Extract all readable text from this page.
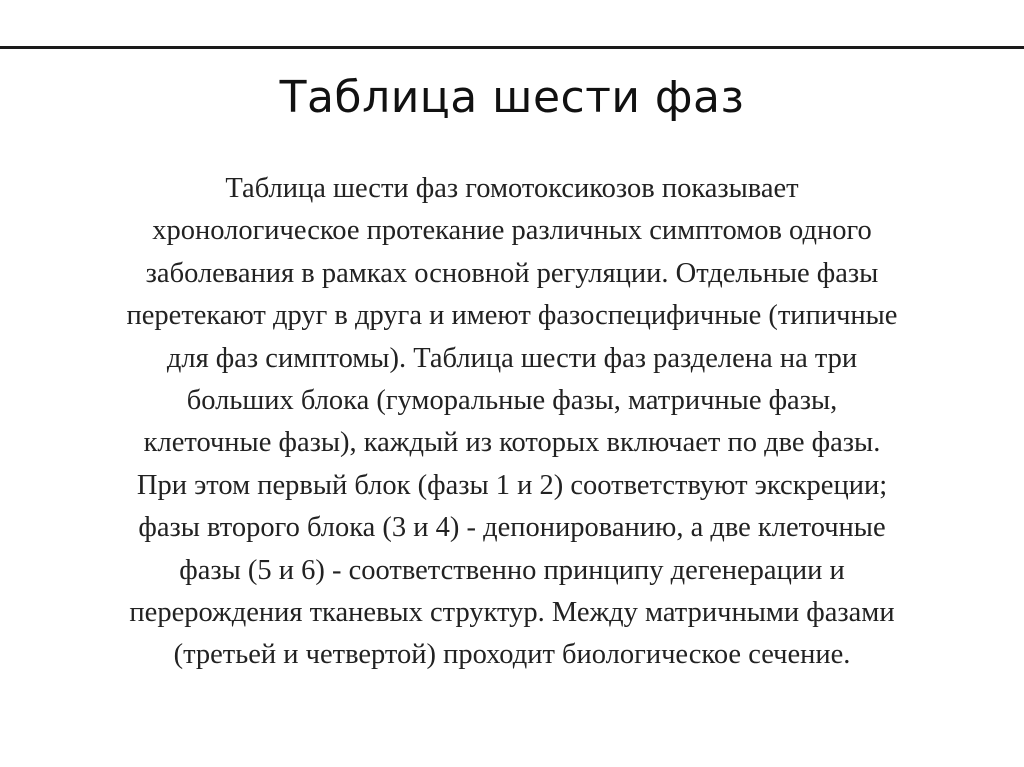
Таблица шести фаз
Таблица шести фаз гомотоксикозов показывает
хронологическое протекание различных симптомов одного
заболевания в рамках основной регуляции. Отдельные фазы
перетекают друг в друга и имеют фазоспецифичные (типичные
для фаз симптомы). Таблица шести фаз разделена на три
больших блока (гуморальные фазы, матричные фазы,
клеточные фазы), каждый из которых включает по две фазы.
При этом первый блок (фазы 1 и 2) соответствуют экскреции;
фазы второго блока (3 и 4) - депонированию, а две клеточные
фазы (5 и 6) - соответственно принципу дегенерации и
перерождения тканевых структур. Между матричными фазами
(третьей и четвертой) проходит биологическое сечение.
